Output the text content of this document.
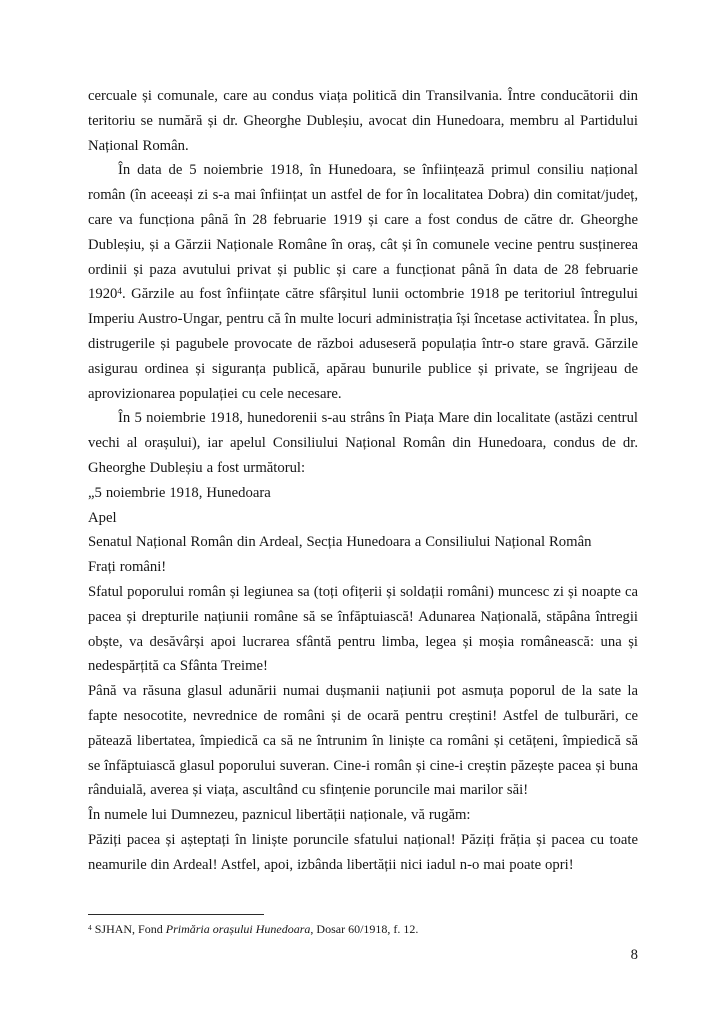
cercuale și comunale, care au condus viața politică din Transilvania. Între conducătorii din teritoriu se numără și dr. Gheorghe Dubleșiu, avocat din Hunedoara, membru al Partidului Național Român.

În data de 5 noiembrie 1918, în Hunedoara, se înființează primul consiliu național român (în aceeași zi s-a mai înființat un astfel de for în localitatea Dobra) din comitat/județ, care va funcționa până în 28 februarie 1919 și care a fost condus de către dr. Gheorghe Dubleșiu, și a Gărzii Naționale Române în oraș, cât și în comunele vecine pentru susținerea ordinii și paza avutului privat și public și care a funcționat până în data de 28 februarie 1920$^4$. Gărzile au fost înființate către sfârșitul lunii octombrie 1918 pe teritoriul întregului Imperiu Austro-Ungar, pentru că în multe locuri administrația își încetase activitatea. În plus, distrugerile și pagubele provocate de război aduseseră populația într-o stare gravă. Gărzile asigurau ordinea și siguranța publică, apărau bunurile publice și private, se îngrijeau de aprovizionarea populației cu cele necesare.

În 5 noiembrie 1918, hunedorenii s-au strâns în Piața Mare din localitate (astăzi centrul vechi al orașului), iar apelul Consiliului Național Român din Hunedoara, condus de dr. Gheorghe Dubleșiu a fost următorul:

„5 noiembrie 1918, Hunedoara

Apel

Senatul Național Român din Ardeal, Secția Hunedoara a Consiliului Național Român

Frați români!

Sfatul poporului român și legiunea sa (toți ofițerii și soldații români) muncesc zi și noapte ca pacea și drepturile națiunii române să se înfăptuiască! Adunarea Națională, stăpâna întregii obște, va desăvârși apoi lucrarea sfântă pentru limba, legea și moșia românească: una și nedespărțită ca Sfânta Treime!

Până va răsuna glasul adunării numai dușmanii națiunii pot asmuța poporul de la sate la fapte nesocotite, nevrednice de români și de ocară pentru creștini! Astfel de tulburări, ce pătează libertatea, împiedică ca să ne întrunim în liniște ca români și cetățeni, împiedică să se înfăptuiască glasul poporului suveran. Cine-i român și cine-i creștin păzește pacea și buna rânduială, averea și viața, ascultând cu sfințenie poruncile mai marilor săi!

În numele lui Dumnezeu, paznicul libertății naționale, vă rugăm:

Păziți pacea și așteptați în liniște poruncile sfatului național! Păziți frăția și pacea cu toate neamurile din Ardeal! Astfel, apoi, izbânda libertății nici iadul n-o mai poate opri!

$^4$ SJHAN, Fond Primăria orașului Hunedoara, Dosar 60/1918, f. 12.
8
